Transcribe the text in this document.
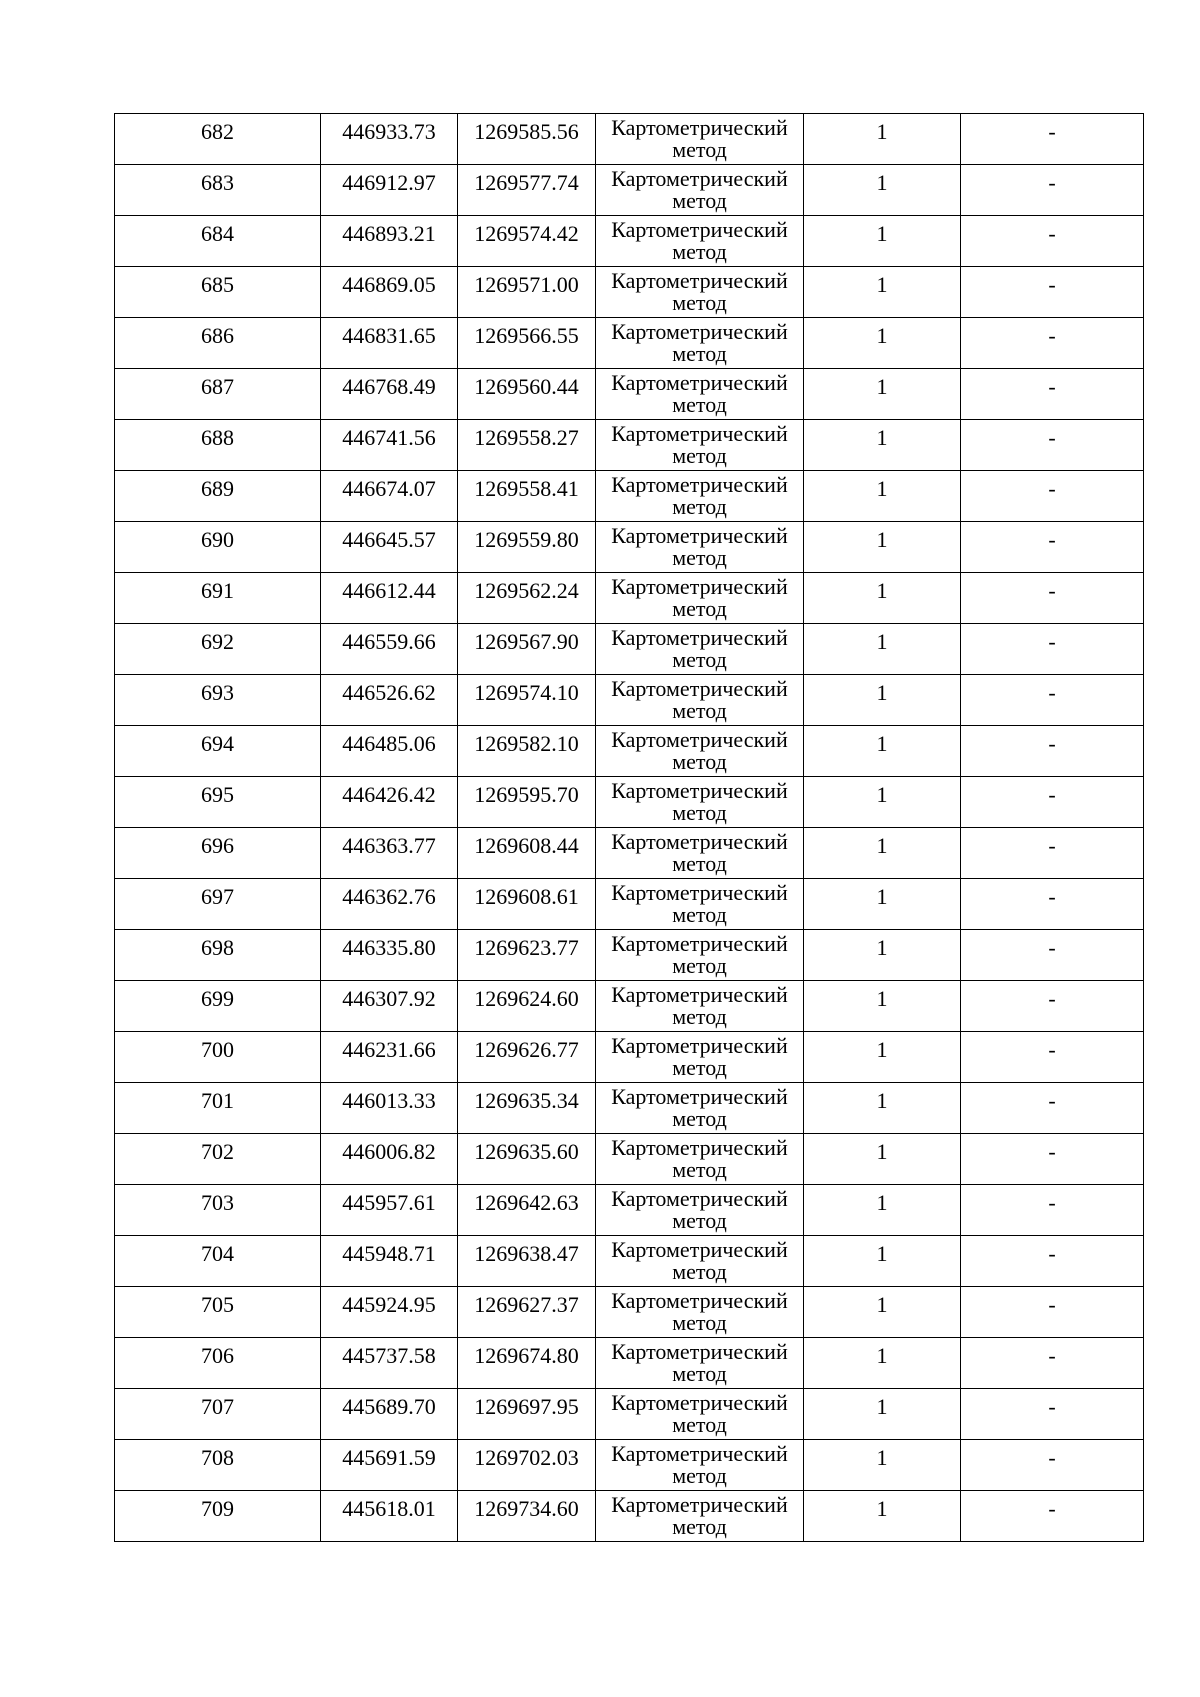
682	446933.73	1269585.56	Картометрический
метод	1	-

683	446912.97	1269577.74	Картометрический
метод	1	-

684	446893.21	1269574.42	Картометрический
метод	1	-

685	446869.05	1269571.00	Картометрический
метод	1	-

686	446831.65	1269566.55	Картометрический
метод	1	-

687	446768.49	1269560.44	Картометрический
метод	1	-

688	446741.56	1269558.27	Картометрический
метод	1	-

689	446674.07	1269558.41	Картометрический
метод	1	-

690	446645.57	1269559.80	Картометрический
метод	1	-

691	446612.44	1269562.24	Картометрический
метод	1	-

692	446559.66	1269567.90	Картометрический
метод	1	-

693	446526.62	1269574.10	Картометрический
метод	1	-

694	446485.06	1269582.10	Картометрический
метод	1	-

695	446426.42	1269595.70	Картометрический
метод	1	-

696	446363.77	1269608.44	Картометрический
метод	1	-

697	446362.76	1269608.61	Картометрический
метод	1	-

698	446335.80	1269623.77	Картометрический
метод	1	-

699	446307.92	1269624.60	Картометрический
метод	1	-

700	446231.66	1269626.77	Картометрический
метод	1	-

701	446013.33	1269635.34	Картометрический
метод	1	-

702	446006.82	1269635.60	Картометрический
метод	1	-

703	445957.61	1269642.63	Картометрический
метод	1	-

704	445948.71	1269638.47	Картометрический
метод	1	-

705	445924.95	1269627.37	Картометрический
метод	1	-

706	445737.58	1269674.80	Картометрический
метод	1	-

707	445689.70	1269697.95	Картометрический
метод	1	-

708	445691.59	1269702.03	Картометрический
метод	1	-

709	445618.01	1269734.60	Картометрический
метод	1	-
